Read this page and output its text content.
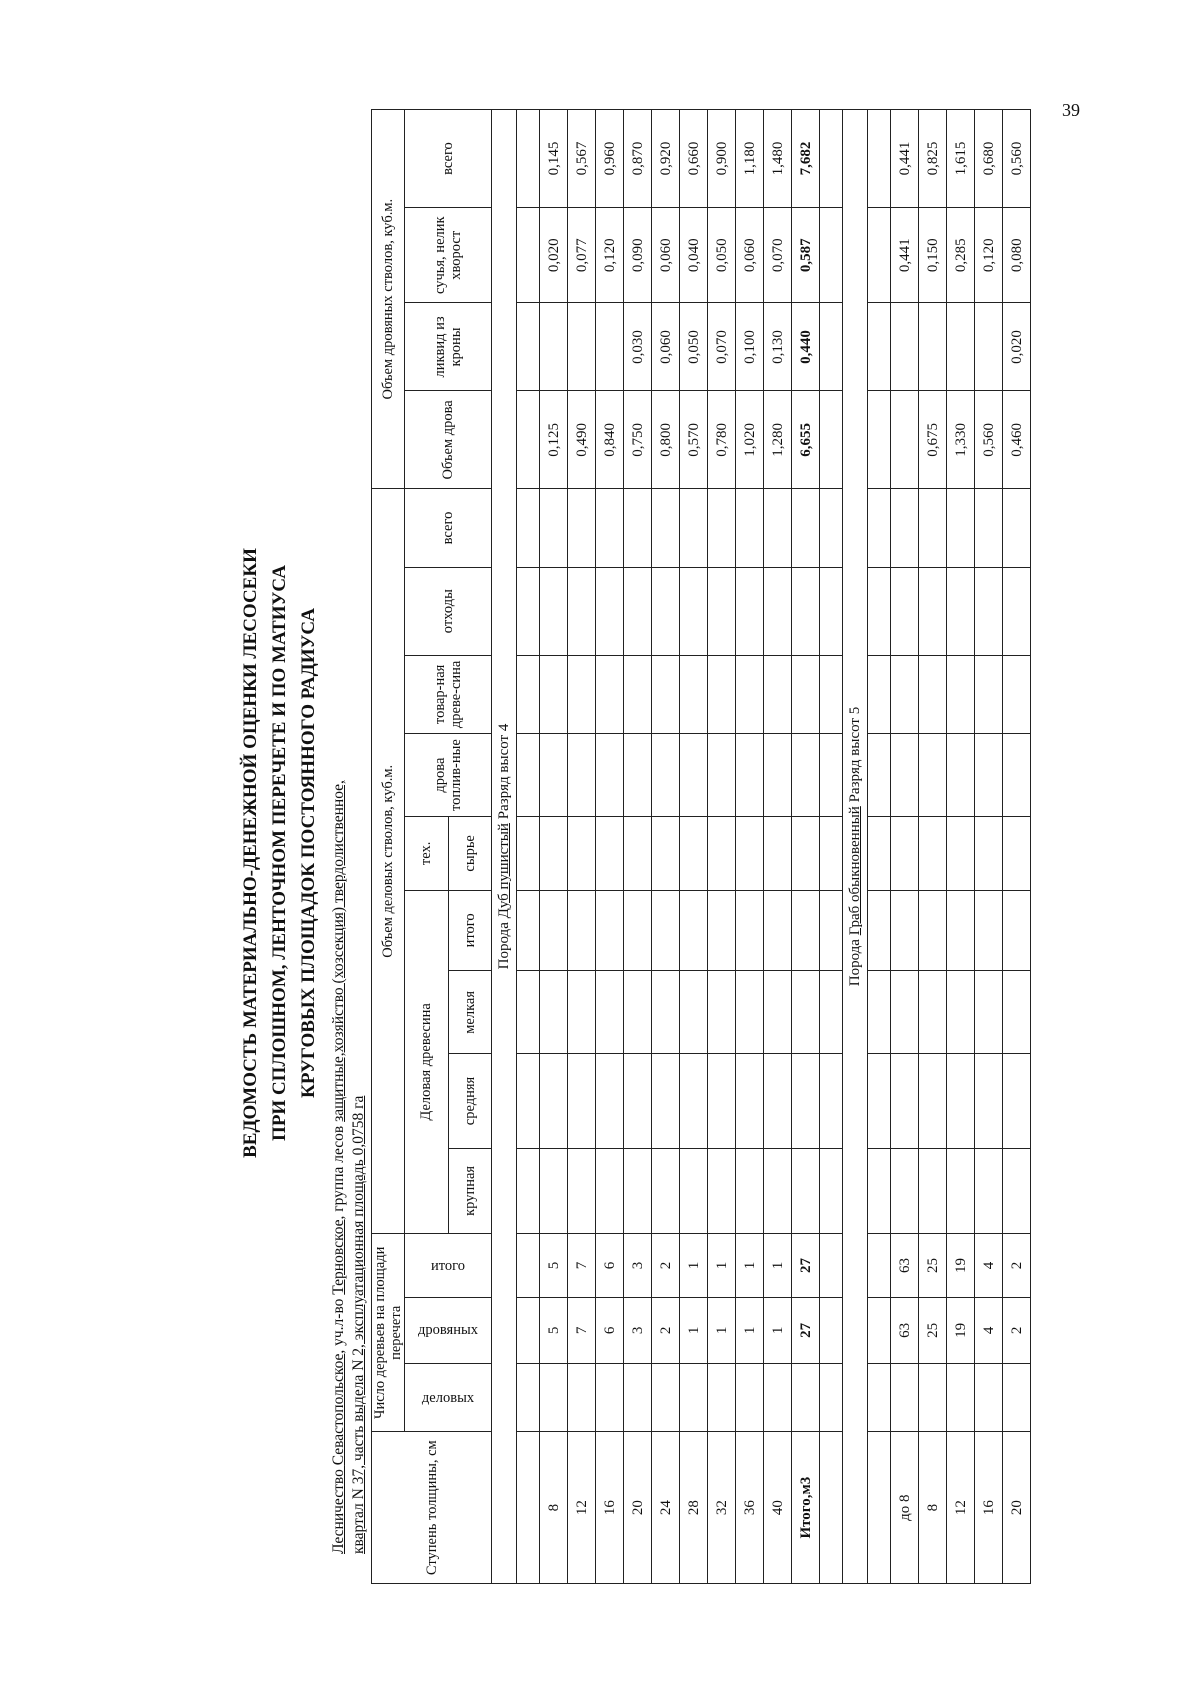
39
ВЕДОМОСТЬ МАТЕРИАЛЬНО-ДЕНЕЖНОЙ ОЦЕНКИ ЛЕСОСЕКИ ПРИ СПЛОШНОМ, ЛЕНТОЧНОМ ПЕРЕЧЕТЕ И ПО МАТИУСА КРУГОВЫХ ПЛОЩАДОК ПОСТОЯННОГО РАДИУСА
Лесничество Севастопольское, уч.л-во Терновское, группа лесов защитные,хозяйство (хозсекция) твердолиственное,
квартал N 37, часть выдела N 2, эксплуатационная площадь 0,0758 га	Ступень толщины, см	Число деревьев на площади перечета			Объем деловых стволов, куб.м.									Объем дровяных стволов, куб.м.			
	деловых	дровяных	итого	Деловая древесина				тех.	дрова топлив-ные	товар-ная древе-сина	отходы	всего	Объем дрова	ликвид из кроны	сучья, нелик хворост	всего
				крупная	средняя	мелкая	итого	сырье								
Порода Дуб пушистый Разряд высот 4																

8		5	5										0,125		0,020	0,145
12		7	7										0,490		0,077	0,567
16		6	6										0,840		0,120	0,960
20		3	3										0,750	0,030	0,090	0,870
24		2	2										0,800	0,060	0,060	0,920
28		1	1										0,570	0,050	0,040	0,660
32		1	1										0,780	0,070	0,050	0,900
36		1	1										1,020	0,100	0,060	1,180
40		1	1										1,280	0,130	0,070	1,480
Итого,м3		27	27										6,655	0,440	0,587	7,682

Порода Граб обыкновенный Разряд высот 5																

до 8		63	63												0,441	0,441
8		25	25										0,675		0,150	0,825
12		19	19										1,330		0,285	1,615
16		4	4										0,560		0,120	0,680
20		2	2										0,460	0,020	0,080	0,560
